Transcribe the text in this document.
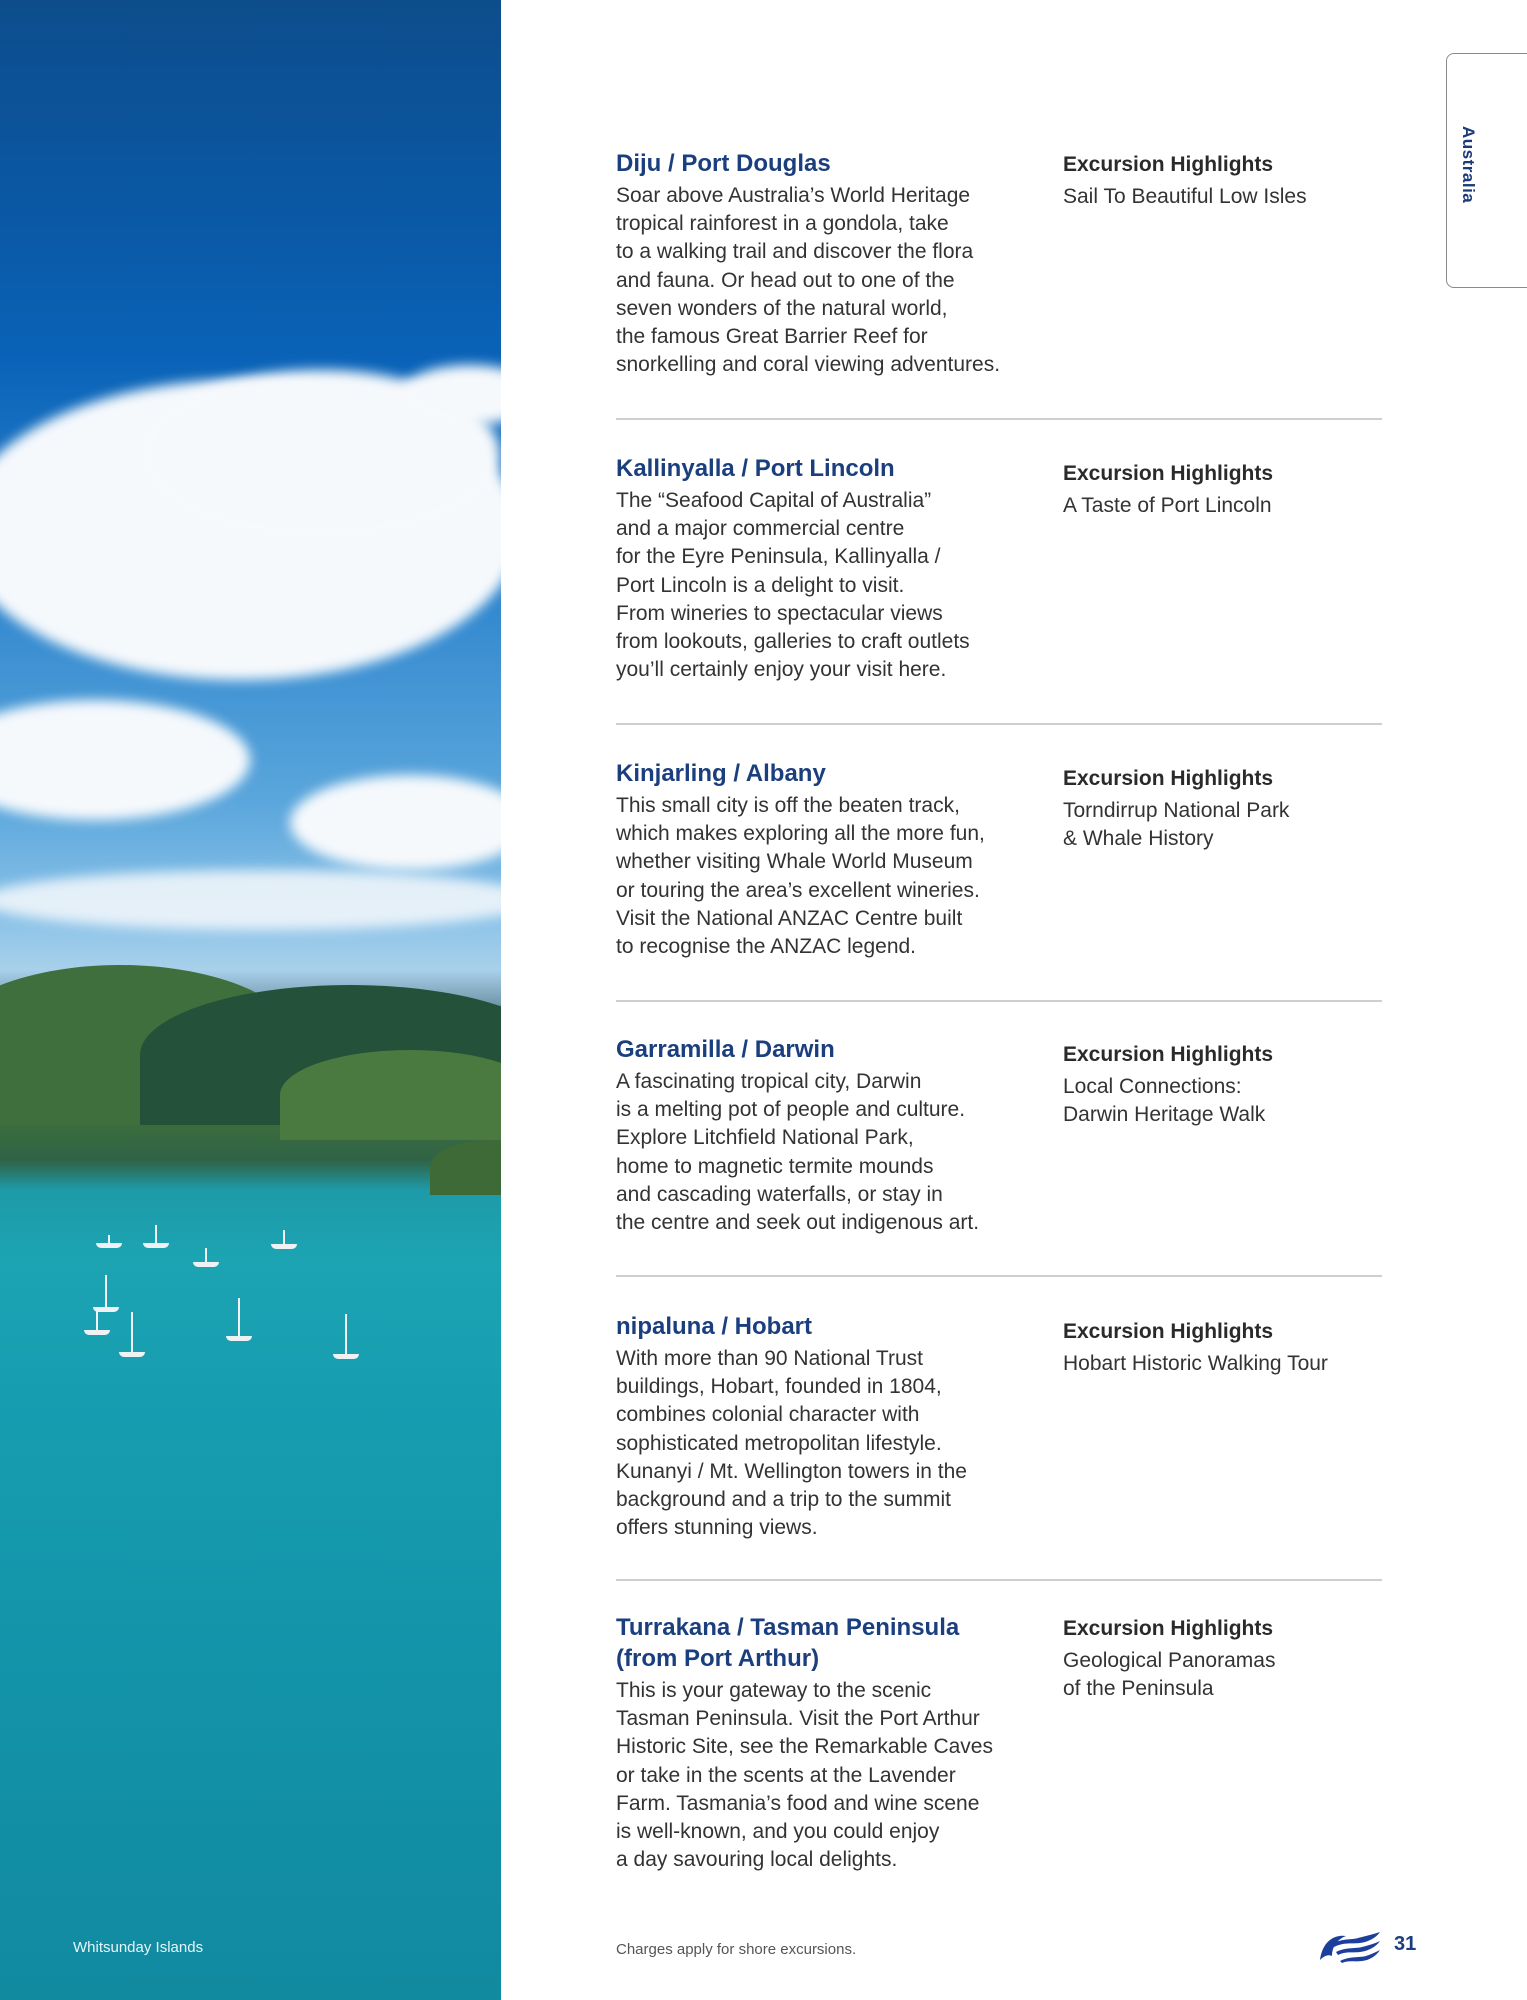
Whitsunday Islands
Australia
Diju / Port Douglas
Soar above Australia’s World Heritage
tropical rainforest in a gondola, take
to a walking trail and discover the flora
and fauna. Or head out to one of the
seven wonders of the natural world,
the famous Great Barrier Reef for
snorkelling and coral viewing adventures.
Excursion Highlights
Sail To Beautiful Low Isles
Kallinyalla / Port Lincoln
The “Seafood Capital of Australia”
and a major commercial centre
for the Eyre Peninsula, Kallinyalla /
Port Lincoln is a delight to visit.
From wineries to spectacular views
from lookouts, galleries to craft outlets
you’ll certainly enjoy your visit here.
Excursion Highlights
A Taste of Port Lincoln
Kinjarling / Albany
This small city is off the beaten track,
which makes exploring all the more fun,
whether visiting Whale World Museum
or touring the area’s excellent wineries.
Visit the National ANZAC Centre built
to recognise the ANZAC legend.
Excursion Highlights
Torndirrup National Park
& Whale History
Garramilla / Darwin
A fascinating tropical city, Darwin
is a melting pot of people and culture.
Explore Litchfield National Park,
home to magnetic termite mounds
and cascading waterfalls, or stay in
the centre and seek out indigenous art.
Excursion Highlights
Local Connections:
Darwin Heritage Walk
nipaluna / Hobart
With more than 90 National Trust
buildings, Hobart, founded in 1804,
combines colonial character with
sophisticated metropolitan lifestyle.
Kunanyi / Mt. Wellington towers in the
background and a trip to the summit
offers stunning views.
Excursion Highlights
Hobart Historic Walking Tour
Turrakana / Tasman Peninsula
(from Port Arthur)
This is your gateway to the scenic
Tasman Peninsula. Visit the Port Arthur
Historic Site, see the Remarkable Caves
or take in the scents at the Lavender
Farm. Tasmania’s food and wine scene
is well-known, and you could enjoy
a day savouring local delights.
Excursion Highlights
Geological Panoramas
of the Peninsula
Charges apply for shore excursions.	31
